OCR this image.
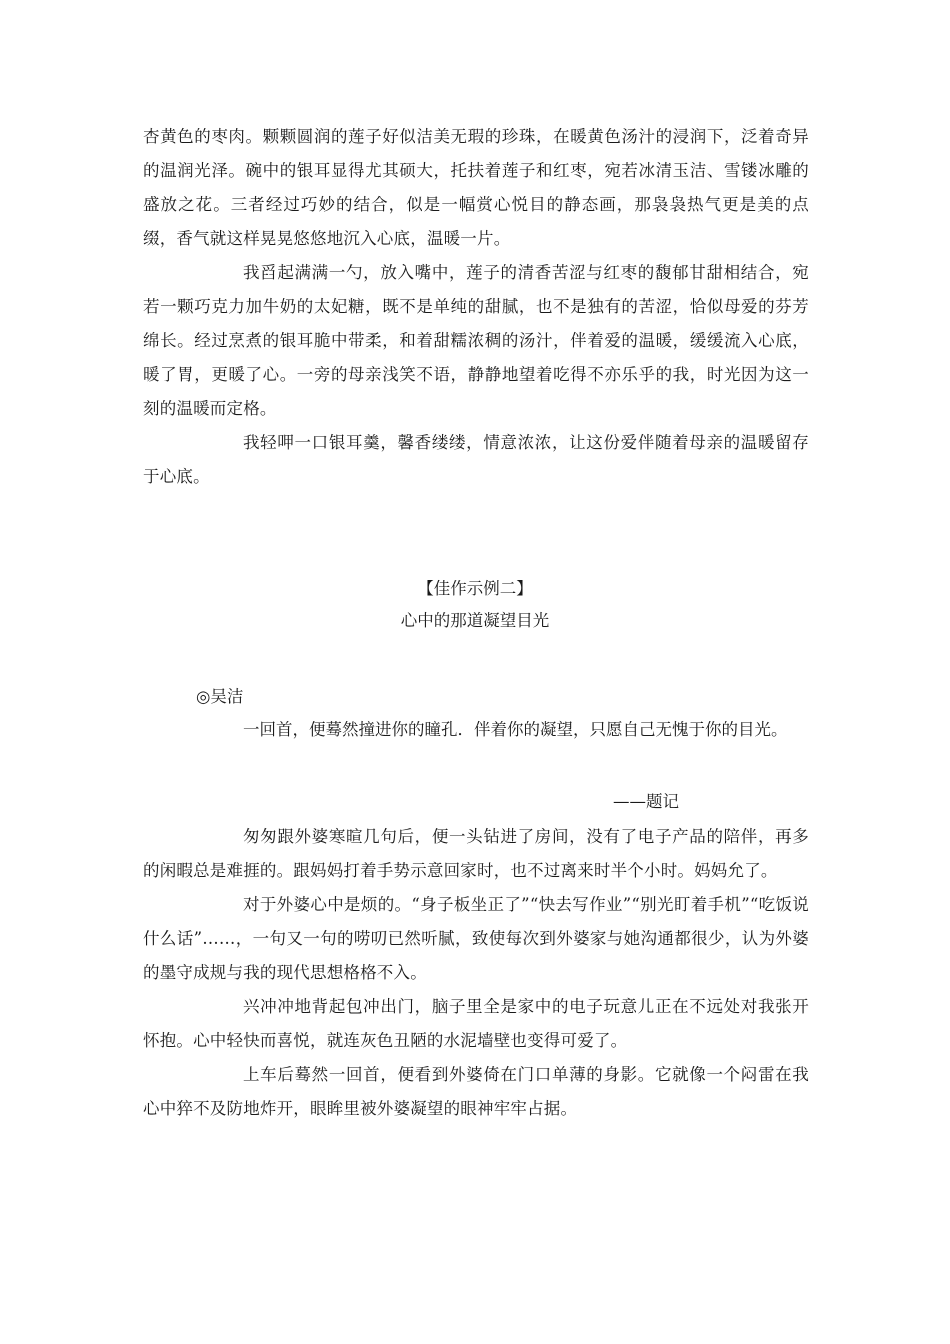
杏黄色的枣肉。颗颗圆润的莲子好似洁美无瑕的珍珠，在暖黄色汤汁的浸润下，泛着奇异的温润光泽。碗中的银耳显得尤其硕大，托扶着莲子和红枣，宛若冰清玉洁、雪镂冰雕的盛放之花。三者经过巧妙的结合，似是一幅赏心悦目的静态画，那袅袅热气更是美的点缀，香气就这样晃晃悠悠地沉入心底，温暖一片。

我舀起满满一勺，放入嘴中，莲子的清香苦涩与红枣的馥郁甘甜相结合，宛若一颗巧克力加牛奶的太妃糖，既不是单纯的甜腻，也不是独有的苦涩，恰似母爱的芬芳绵长。经过烹煮的银耳脆中带柔，和着甜糯浓稠的汤汁，伴着爱的温暖，缓缓流入心底，暖了胃，更暖了心。一旁的母亲浅笑不语，静静地望着吃得不亦乐乎的我，时光因为这一刻的温暖而定格。

我轻呷一口银耳羹，馨香缕缕，情意浓浓，让这份爱伴随着母亲的温暖留存于心底。

【佳作示例二】
心中的那道凝望目光
◎吴洁
一回首，便蓦然撞进你的瞳孔．伴着你的凝望，只愿自己无愧于你的目光。
——题记

匆匆跟外婆寒暄几句后，便一头钻进了房间，没有了电子产品的陪伴，再多的闲暇总是难捱的。跟妈妈打着手势示意回家时，也不过离来时半个小时。妈妈允了。

对于外婆心中是烦的。“身子板坐正了”“快去写作业”“别光盯着手机”“吃饭说什么话”……，一句又一句的唠叨已然听腻，致使每次到外婆家与她沟通都很少，认为外婆的墨守成规与我的现代思想格格不入。

兴冲冲地背起包冲出门，脑子里全是家中的电子玩意儿正在不远处对我张开怀抱。心中轻快而喜悦，就连灰色丑陋的水泥墙壁也变得可爱了。

上车后蓦然一回首，便看到外婆倚在门口单薄的身影。它就像一个闷雷在我心中猝不及防地炸开，眼眸里被外婆凝望的眼神牢牢占据。
